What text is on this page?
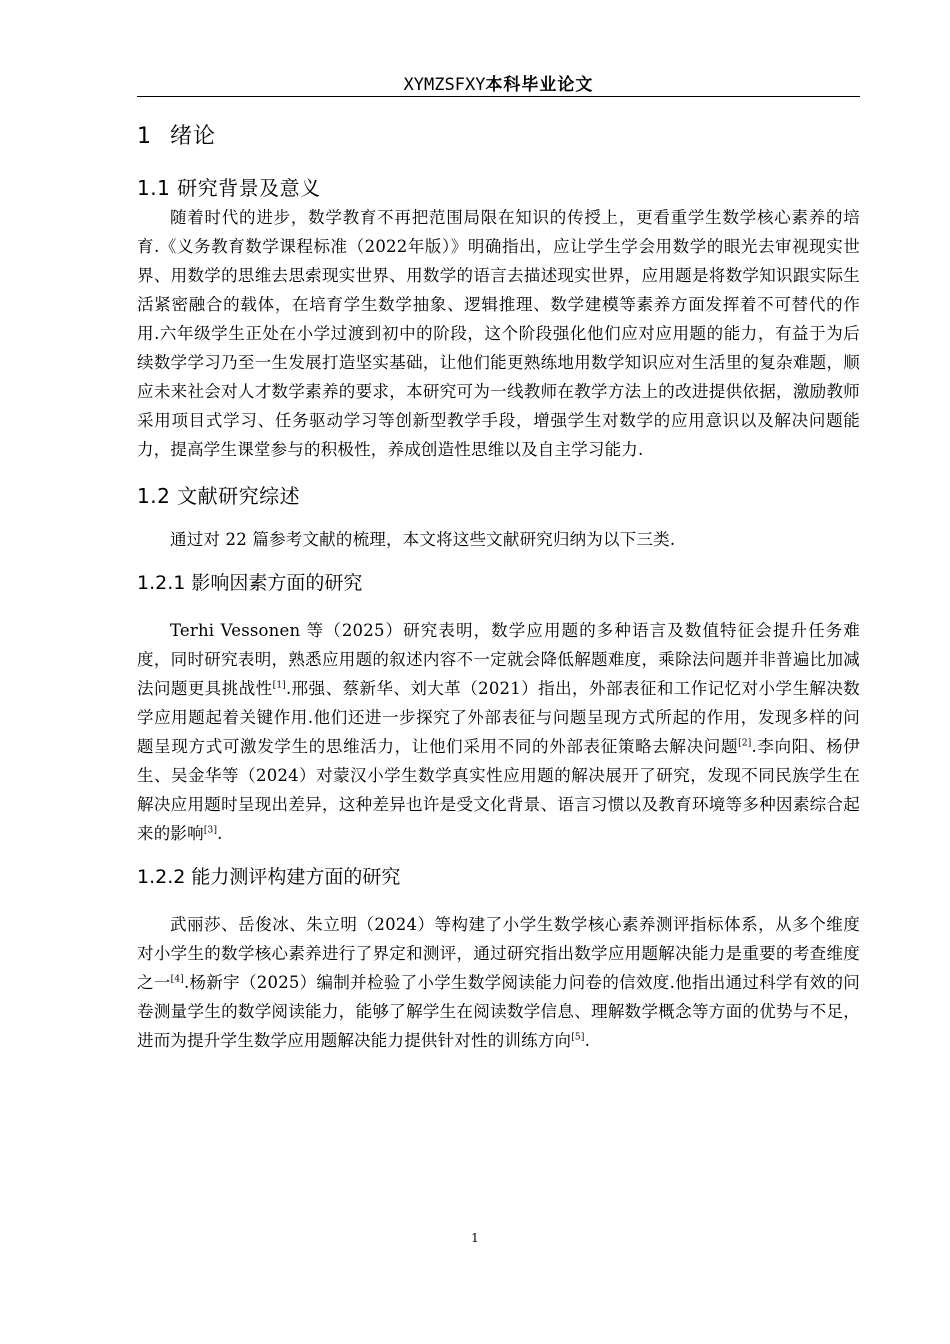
XYMZSFXY本科毕业论文
1 绪论
1.1 研究背景及意义

随着时代的进步，数学教育不再把范围局限在知识的传授上，更看重学生数学核心素养的培育.《义务教育数学课程标准（2022年版）》明确指出，应让学生学会用数学的眼光去审视现实世界、用数学的思维去思索现实世界、用数学的语言去描述现实世界，应用题是将数学知识跟实际生活紧密融合的载体，在培育学生数学抽象、逻辑推理、数学建模等素养方面发挥着不可替代的作用.六年级学生正处在小学过渡到初中的阶段，这个阶段强化他们应对应用题的能力，有益于为后续数学学习乃至一生发展打造坚实基础，让他们能更熟练地用数学知识应对生活里的复杂难题，顺应未来社会对人才数学素养的要求，本研究可为一线教师在教学方法上的改进提供依据，激励教师采用项目式学习、任务驱动学习等创新型教学手段，增强学生对数学的应用意识以及解决问题能力，提高学生课堂参与的积极性，养成创造性思维以及自主学习能力.

1.2 文献研究综述

通过对 22 篇参考文献的梳理，本文将这些文献研究归纳为以下三类.

1.2.1 影响因素方面的研究

Terhi Vessonen 等（2025）研究表明，数学应用题的多种语言及数值特征会提升任务难度，同时研究表明，熟悉应用题的叙述内容不一定就会降低解题难度，乘除法问题并非普遍比加减法问题更具挑战性[1].邢强、蔡新华、刘大革（2021）指出，外部表征和工作记忆对小学生解决数学应用题起着关键作用.他们还进一步探究了外部表征与问题呈现方式所起的作用，发现多样的问题呈现方式可激发学生的思维活力，让他们采用不同的外部表征策略去解决问题[2].李向阳、杨伊生、吴金华等（2024）对蒙汉小学生数学真实性应用题的解决展开了研究，发现不同民族学生在解决应用题时呈现出差异，这种差异也许是受文化背景、语言习惯以及教育环境等多种因素综合起来的影响[3].

1.2.2 能力测评构建方面的研究

武丽莎、岳俊冰、朱立明（2024）等构建了小学生数学核心素养测评指标体系，从多个维度对小学生的数学核心素养进行了界定和测评，通过研究指出数学应用题解决能力是重要的考查维度之一[4].杨新宇（2025）编制并检验了小学生数学阅读能力问卷的信效度.他指出通过科学有效的问卷测量学生的数学阅读能力，能够了解学生在阅读数学信息、理解数学概念等方面的优势与不足，进而为提升学生数学应用题解决能力提供针对性的训练方向[5].

1
